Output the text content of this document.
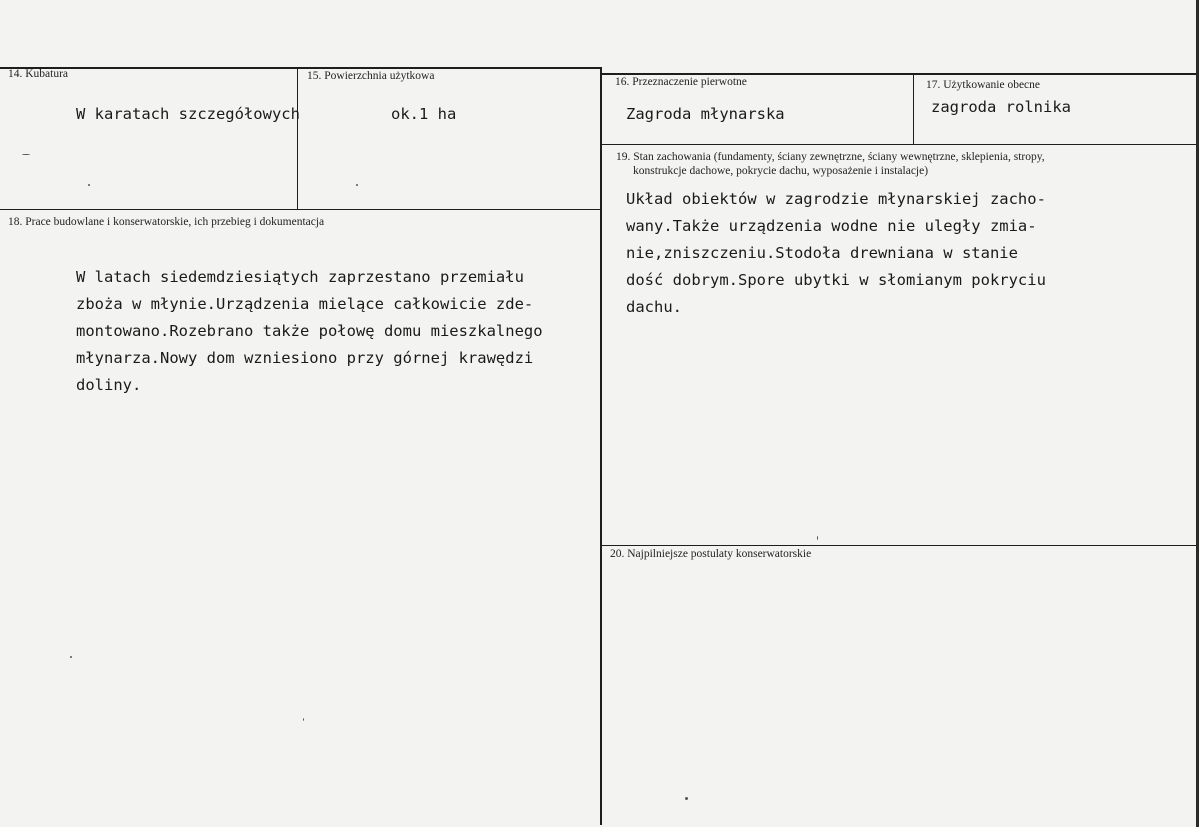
14. Kubatura
W karatach szczegółowych
15. Powierzchnia użytkowa
ok.1 ha
16. Przeznaczenie pierwotne
Zagroda młynarska
17. Użytkowanie obecne
zagroda rolnika
18. Prace budowlane i konserwatorskie, ich przebieg i dokumentacja
W latach siedemdziesiątych zaprzestano przemiału
zboża w młynie.Urządzenia mielące całkowicie zde-
montowano.Rozebrano także połowę domu mieszkalnego
młynarza.Nowy dom wzniesiono przy górnej krawędzi
doliny.
19. Stan zachowania (fundamenty, ściany zewnętrzne, ściany wewnętrzne, sklepienia, stropy,
konstrukcje dachowe, pokrycie dachu, wyposażenie i instalacje)
Układ obiektów w zagrodzie młynarskiej zacho-
wany.Także urządzenia wodne nie uległy zmia-
nie,zniszczeniu.Stodoła drewniana w stanie
dość dobrym.Spore ubytki w słomianym pokryciu
dachu.
20. Najpilniejsze postulaty konserwatorskie
